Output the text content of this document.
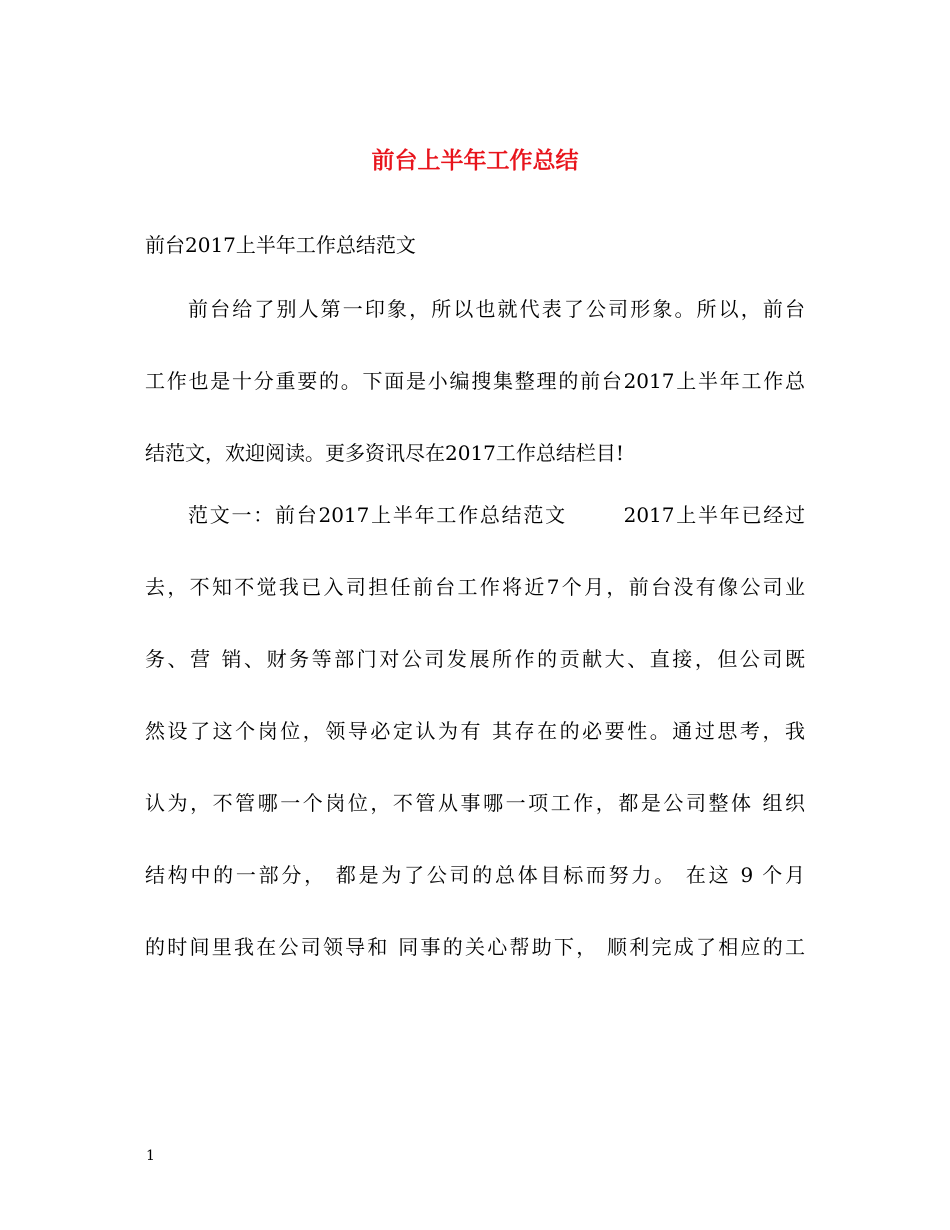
前台上半年工作总结
前台2017上半年工作总结范文
前台给了别人第一印象，所以也就代表了公司形象。所以，前台
工作也是十分重要的。下面是小编搜集整理的前台2017上半年工作总
结范文，欢迎阅读。更多资讯尽在2017工作总结栏目!
范文一：前台2017上半年工作总结范文       2017上半年已经过
去，不知不觉我已入司担任前台工作将近7个月，前台没有像公司业
务、营 销、财务等部门对公司发展所作的贡献大、直接，但公司既
然设了这个岗位，领导必定认为有 其存在的必要性。通过思考，我
认为，不管哪一个岗位，不管从事哪一项工作，都是公司整体 组织
结构中的一部分， 都是为了公司的总体目标而努力。 在这 9 个月
的时间里我在公司领导和 同事的关心帮助下， 顺利完成了相应的工
1
